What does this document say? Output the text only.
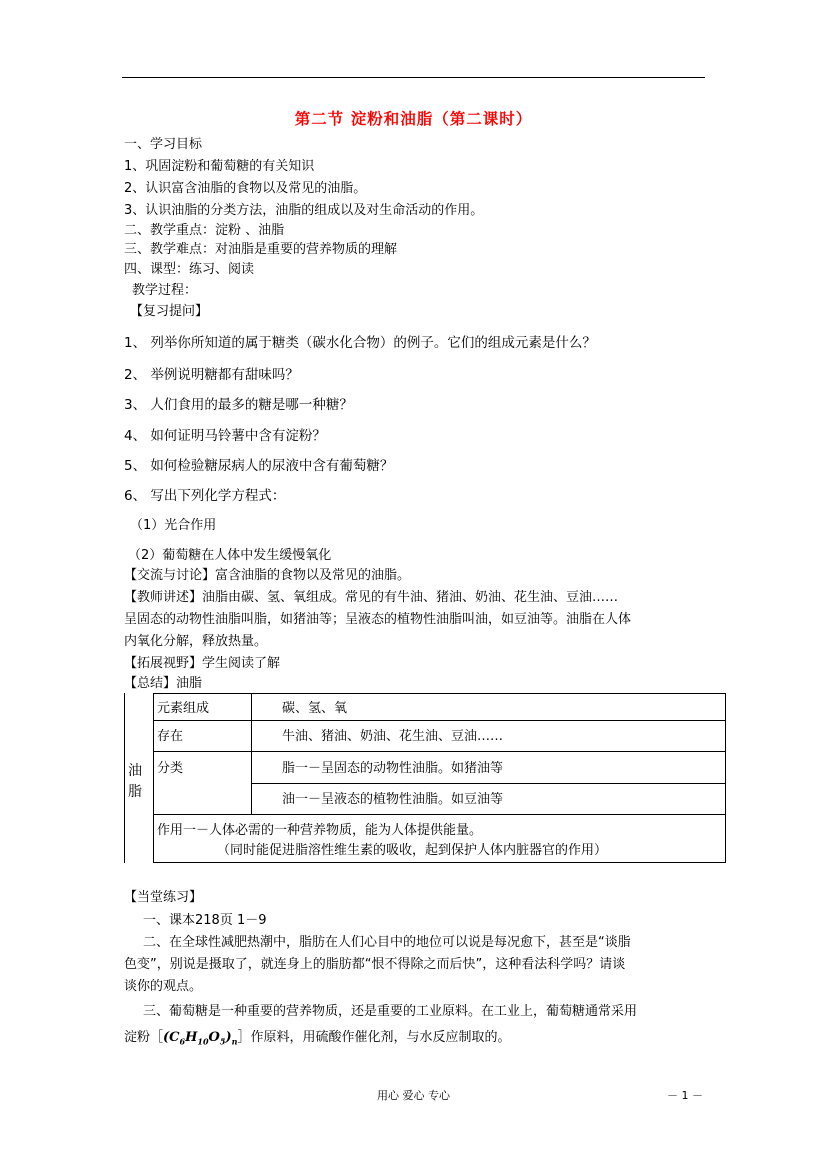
第二节 淀粉和油脂（第二课时）
一、学习目标
1、巩固淀粉和葡萄糖的有关知识
2、认识富含油脂的食物以及常见的油脂。
3、认识油脂的分类方法，油脂的组成以及对生命活动的作用。
二、教学重点：淀粉 、油脂
三、教学难点：对油脂是重要的营养物质的理解
四、课型：练习、阅读
教学过程：
【复习提问】
1、 列举你所知道的属于糖类（碳水化合物）的例子。它们的组成元素是什么？
2、 举例说明糖都有甜味吗？
3、 人们食用的最多的糖是哪一种糖？
4、 如何证明马铃薯中含有淀粉？
5、 如何检验糖尿病人的尿液中含有葡萄糖？
6、 写出下列化学方程式：
（1）光合作用
（2）葡萄糖在人体中发生缓慢氧化
【交流与讨论】富含油脂的食物以及常见的油脂。
【教师讲述】油脂由碳、氢、氧组成。常见的有牛油、猪油、奶油、花生油、豆油……
呈固态的动物性油脂叫脂，如猪油等；呈液态的植物性油脂叫油，如豆油等。油脂在人体
内氧化分解，释放热量。
【拓展视野】学生阅读了解
【总结】油脂
油
脂
元素组成	碳、氢、氧
存在	牛油、猪油、奶油、花生油、豆油……
分类	脂一－呈固态的动物性油脂。如猪油等
油一－呈液态的植物性油脂。如豆油等
作用一－人体必需的一种营养物质，能为人体提供能量。
（同时能促进脂溶性维生素的吸收，起到保护人体内脏器官的作用）
【当堂练习】
一、课本218页 1－9
二、在全球性减肥热潮中，脂肪在人们心目中的地位可以说是每况愈下，甚至是“谈脂
色变”，别说是摄取了，就连身上的脂肪都“恨不得除之而后快”，这种看法科学吗？请谈
谈你的观点。
三、葡萄糖是一种重要的营养物质，还是重要的工业原料。在工业上，葡萄糖通常采用
淀粉$[(C_6H_{10}O_5)_n]$作原料，用硫酸作催化剂，与水反应制取的。
用心 爱心 专心	－ 1 －
